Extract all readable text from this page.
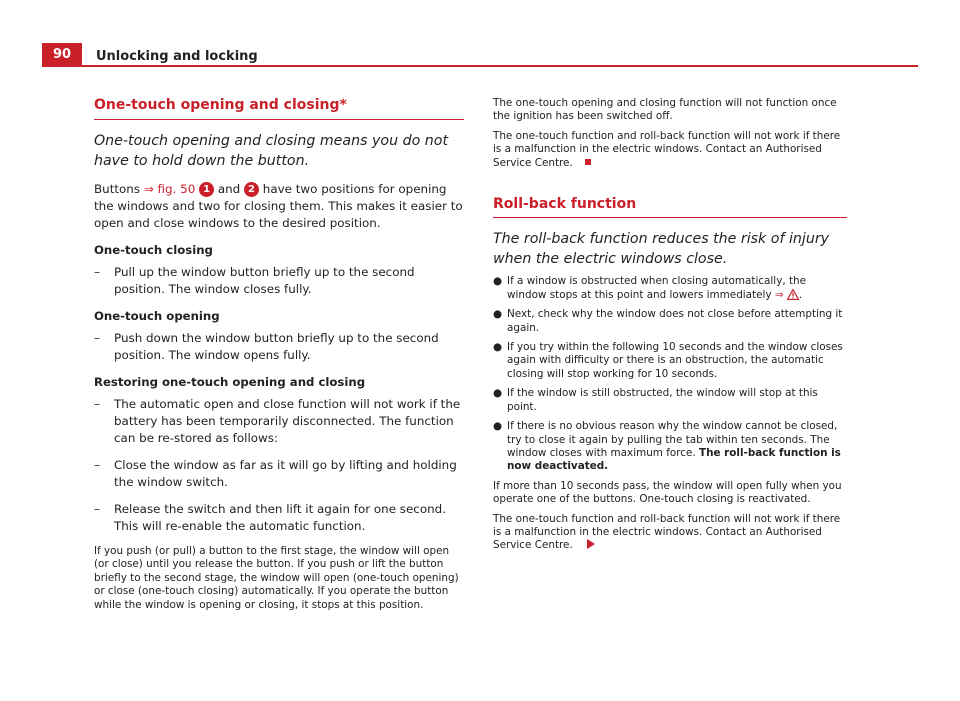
90	Unlocking and locking
One-touch opening and closing*

One-touch opening and closing means you do not have to hold down the button.

Buttons ⇒ fig. 50 1 and 2 have two positions for opening the windows and two for closing them. This makes it easier to open and close windows to the desired position.

One-touch closing
– Pull up the window button briefly up to the second position. The window closes fully.
One-touch opening
– Push down the window button briefly up to the second position. The window opens fully.
Restoring one-touch opening and closing
– The automatic open and close function will not work if the battery has been temporarily disconnected. The function can be re-stored as follows:
– Close the window as far as it will go by lifting and holding the window switch.
– Release the switch and then lift it again for one second. This will re-enable the automatic function.

If you push (or pull) a button to the first stage, the window will open (or close) until you release the button. If you push or lift the button briefly to the second stage, the window will open (one-touch opening) or close (one-touch closing) automatically. If you operate the button while the window is opening or closing, it stops at this position.

The one-touch opening and closing function will not function once the ignition has been switched off.

The one-touch function and roll-back function will not work if there is a malfunction in the electric windows. Contact an Authorised Service Centre.

Roll-back function

The roll-back function reduces the risk of injury when the electric windows close.

● If a window is obstructed when closing automatically, the window stops at this point and lowers immediately ⇒ .

● Next, check why the window does not close before attempting it again.

● If you try within the following 10 seconds and the window closes again with difficulty or there is an obstruction, the automatic closing will stop working for 10 seconds.

● If the window is still obstructed, the window will stop at this point.

● If there is no obvious reason why the window cannot be closed, try to close it again by pulling the tab within ten seconds. The window closes with maximum force. The roll-back function is now deactivated.

If more than 10 seconds pass, the window will open fully when you operate one of the buttons. One-touch closing is reactivated.

The one-touch function and roll-back function will not work if there is a malfunction in the electric windows. Contact an Authorised Service Centre.
